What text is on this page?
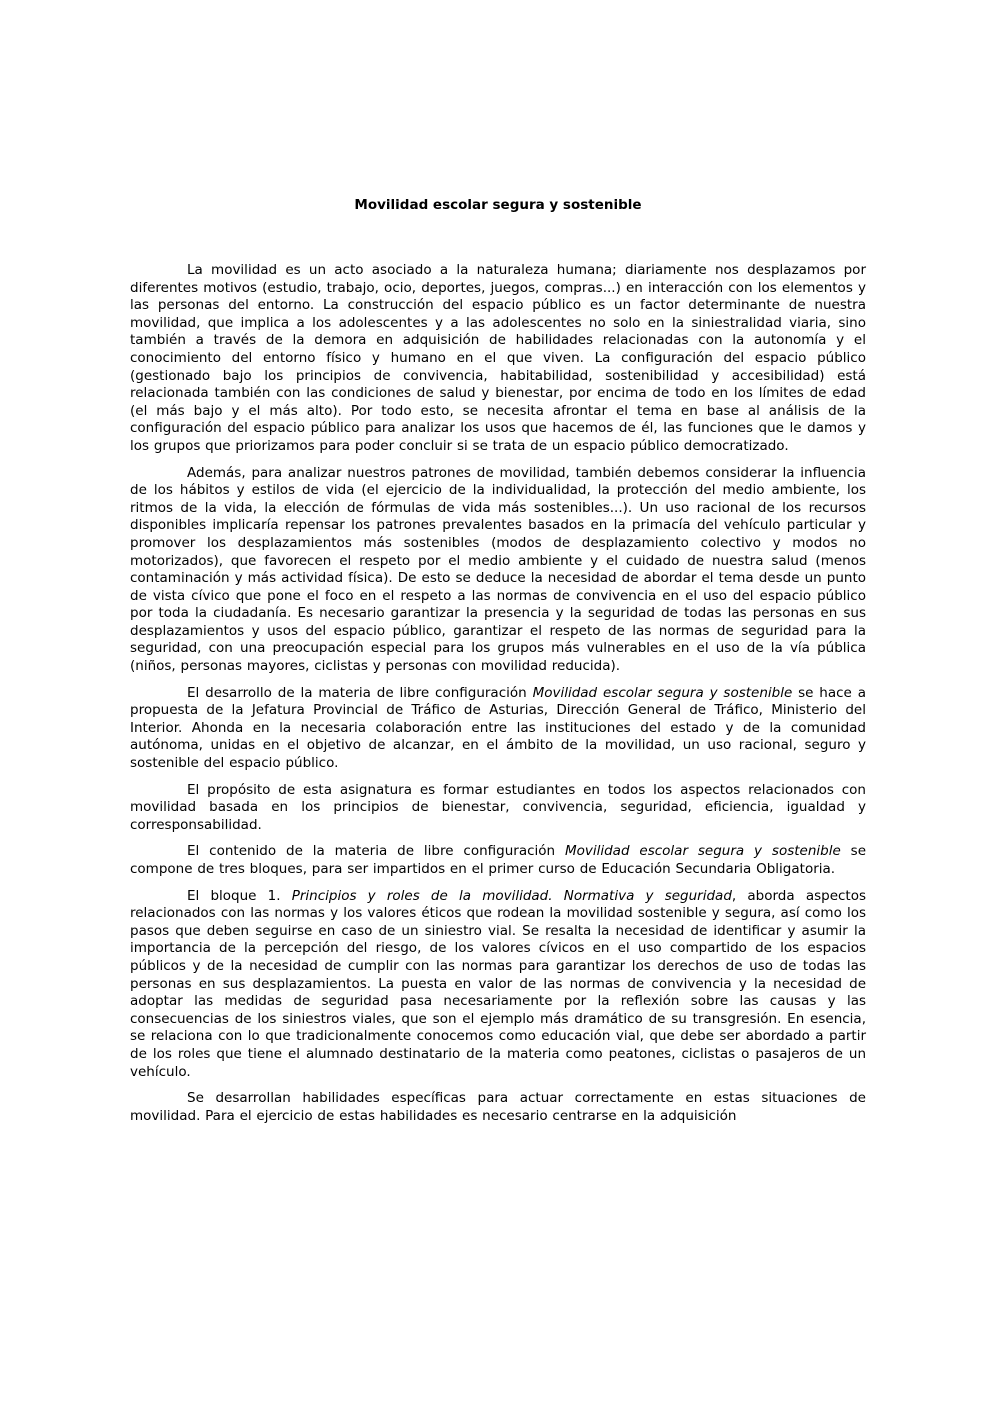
Movilidad escolar segura y sostenible

La movilidad es un acto asociado a la naturaleza humana; diariamente nos desplazamos por diferentes motivos (estudio, trabajo, ocio, deportes, juegos, compras...) en interacción con los elementos y las personas del entorno. La construcción del espacio público es un factor determinante de nuestra movilidad, que implica a los adolescentes y a las adolescentes no solo en la siniestralidad viaria, sino también a través de la demora en adquisición de habilidades relacionadas con la autonomía y el conocimiento del entorno físico y humano en el que viven. La configuración del espacio público (gestionado bajo los principios de convivencia, habitabilidad, sostenibilidad y accesibilidad) está relacionada también con las condiciones de salud y bienestar, por encima de todo en los límites de edad (el más bajo y el más alto). Por todo esto, se necesita afrontar el tema en base al análisis de la configuración del espacio público para analizar los usos que hacemos de él, las funciones que le damos y los grupos que priorizamos para poder concluir si se trata de un espacio público democratizado.

Además, para analizar nuestros patrones de movilidad, también debemos considerar la influencia de los hábitos y estilos de vida (el ejercicio de la individualidad, la protección del medio ambiente, los ritmos de la vida, la elección de fórmulas de vida más sostenibles...). Un uso racional de los recursos disponibles implicaría repensar los patrones prevalentes basados en la primacía del vehículo particular y promover los desplazamientos más sostenibles (modos de desplazamiento colectivo y modos no motorizados), que favorecen el respeto por el medio ambiente y el cuidado de nuestra salud (menos contaminación y más actividad física). De esto se deduce la necesidad de abordar el tema desde un punto de vista cívico que pone el foco en el respeto a las normas de convivencia en el uso del espacio público por toda la ciudadanía. Es necesario garantizar la presencia y la seguridad de todas las personas en sus desplazamientos y usos del espacio público, garantizar el respeto de las normas de seguridad para la seguridad, con una preocupación especial para los grupos más vulnerables en el uso de la vía pública (niños, personas mayores, ciclistas y personas con movilidad reducida).

El desarrollo de la materia de libre configuración Movilidad escolar segura y sostenible se hace a propuesta de la Jefatura Provincial de Tráfico de Asturias, Dirección General de Tráfico, Ministerio del Interior. Ahonda en la necesaria colaboración entre las instituciones del estado y de la comunidad autónoma, unidas en el objetivo de alcanzar, en el ámbito de la movilidad, un uso racional, seguro y sostenible del espacio público.

El propósito de esta asignatura es formar estudiantes en todos los aspectos relacionados con movilidad basada en los principios de bienestar, convivencia, seguridad, eficiencia, igualdad y corresponsabilidad.

El contenido de la materia de libre configuración Movilidad escolar segura y sostenible se compone de tres bloques, para ser impartidos en el primer curso de Educación Secundaria Obligatoria.

El bloque 1. Principios y roles de la movilidad. Normativa y seguridad, aborda aspectos relacionados con las normas y los valores éticos que rodean la movilidad sostenible y segura, así como los pasos que deben seguirse en caso de un siniestro vial. Se resalta la necesidad de identificar y asumir la importancia de la percepción del riesgo, de los valores cívicos en el uso compartido de los espacios públicos y de la necesidad de cumplir con las normas para garantizar los derechos de uso de todas las personas en sus desplazamientos. La puesta en valor de las normas de convivencia y la necesidad de adoptar las medidas de seguridad pasa necesariamente por la reflexión sobre las causas y las consecuencias de los siniestros viales, que son el ejemplo más dramático de su transgresión. En esencia, se relaciona con lo que tradicionalmente conocemos como educación vial, que debe ser abordado a partir de los roles que tiene el alumnado destinatario de la materia como peatones, ciclistas o pasajeros de un vehículo.

Se desarrollan habilidades específicas para actuar correctamente en estas situaciones de movilidad. Para el ejercicio de estas habilidades es necesario centrarse en la adquisición
